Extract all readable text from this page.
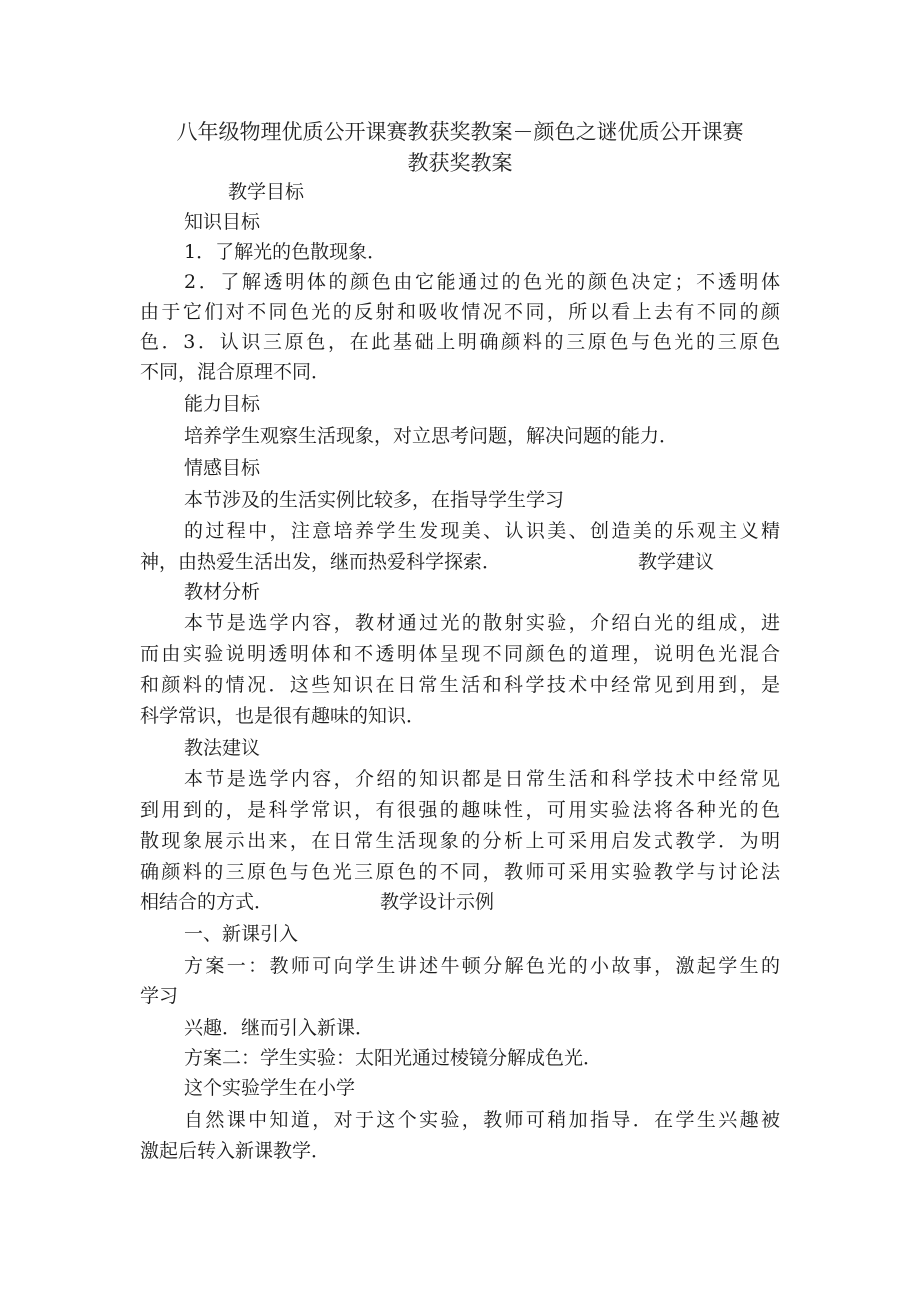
八年级物理优质公开课赛教获奖教案－颜色之谜优质公开课赛
教获奖教案
教学目标
知识目标
1．了解光的色散现象．
2．了解透明体的颜色由它能通过的色光的颜色决定；不透明体
由于它们对不同色光的反射和吸收情况不同，所以看上去有不同的颜
色．3．认识三原色，在此基础上明确颜料的三原色与色光的三原色
不同，混合原理不同．
能力目标
培养学生观察生活现象，对立思考问题，解决问题的能力．
情感目标
本节涉及的生活实例比较多，在指导学生学习
的过程中，注意培养学生发现美、认识美、创造美的乐观主义精
神，由热爱生活出发，继而热爱科学探索．	教学建议
教材分析
本节是选学内容，教材通过光的散射实验，介绍白光的组成，进
而由实验说明透明体和不透明体呈现不同颜色的道理，说明色光混合
和颜料的情况．这些知识在日常生活和科学技术中经常见到用到，是
科学常识，也是很有趣味的知识．
教法建议
本节是选学内容，介绍的知识都是日常生活和科学技术中经常见
到用到的，是科学常识，有很强的趣味性，可用实验法将各种光的色
散现象展示出来，在日常生活现象的分析上可采用启发式教学．为明
确颜料的三原色与色光三原色的不同，教师可采用实验教学与讨论法
相结合的方式．	教学设计示例
一、新课引入
方案一：教师可向学生讲述牛顿分解色光的小故事，激起学生的
学习
兴趣．继而引入新课．
方案二：学生实验：太阳光通过棱镜分解成色光．
这个实验学生在小学
自然课中知道，对于这个实验，教师可稍加指导．在学生兴趣被
激起后转入新课教学．
